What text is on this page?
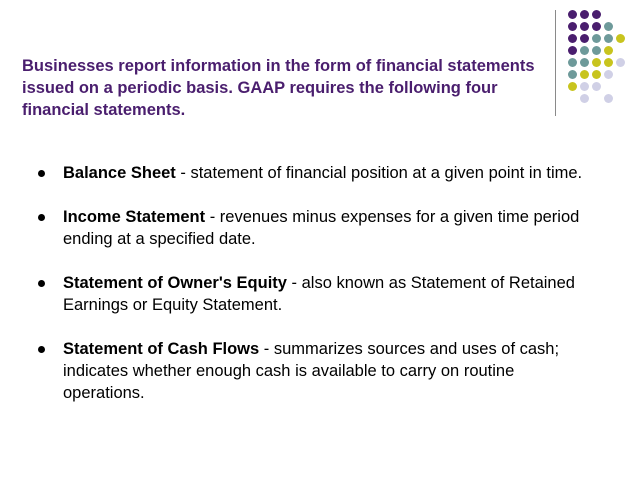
Businesses report information in the form of financial statements issued on a periodic basis. GAAP requires the following four financial statements.
Balance Sheet - statement of financial position at a given point in time.
Income Statement - revenues minus expenses for a given time period ending at a specified date.
Statement of Owner's Equity - also known as Statement of Retained Earnings or Equity Statement.
Statement of Cash Flows - summarizes sources and uses of cash; indicates whether enough cash is available to carry on routine operations.
